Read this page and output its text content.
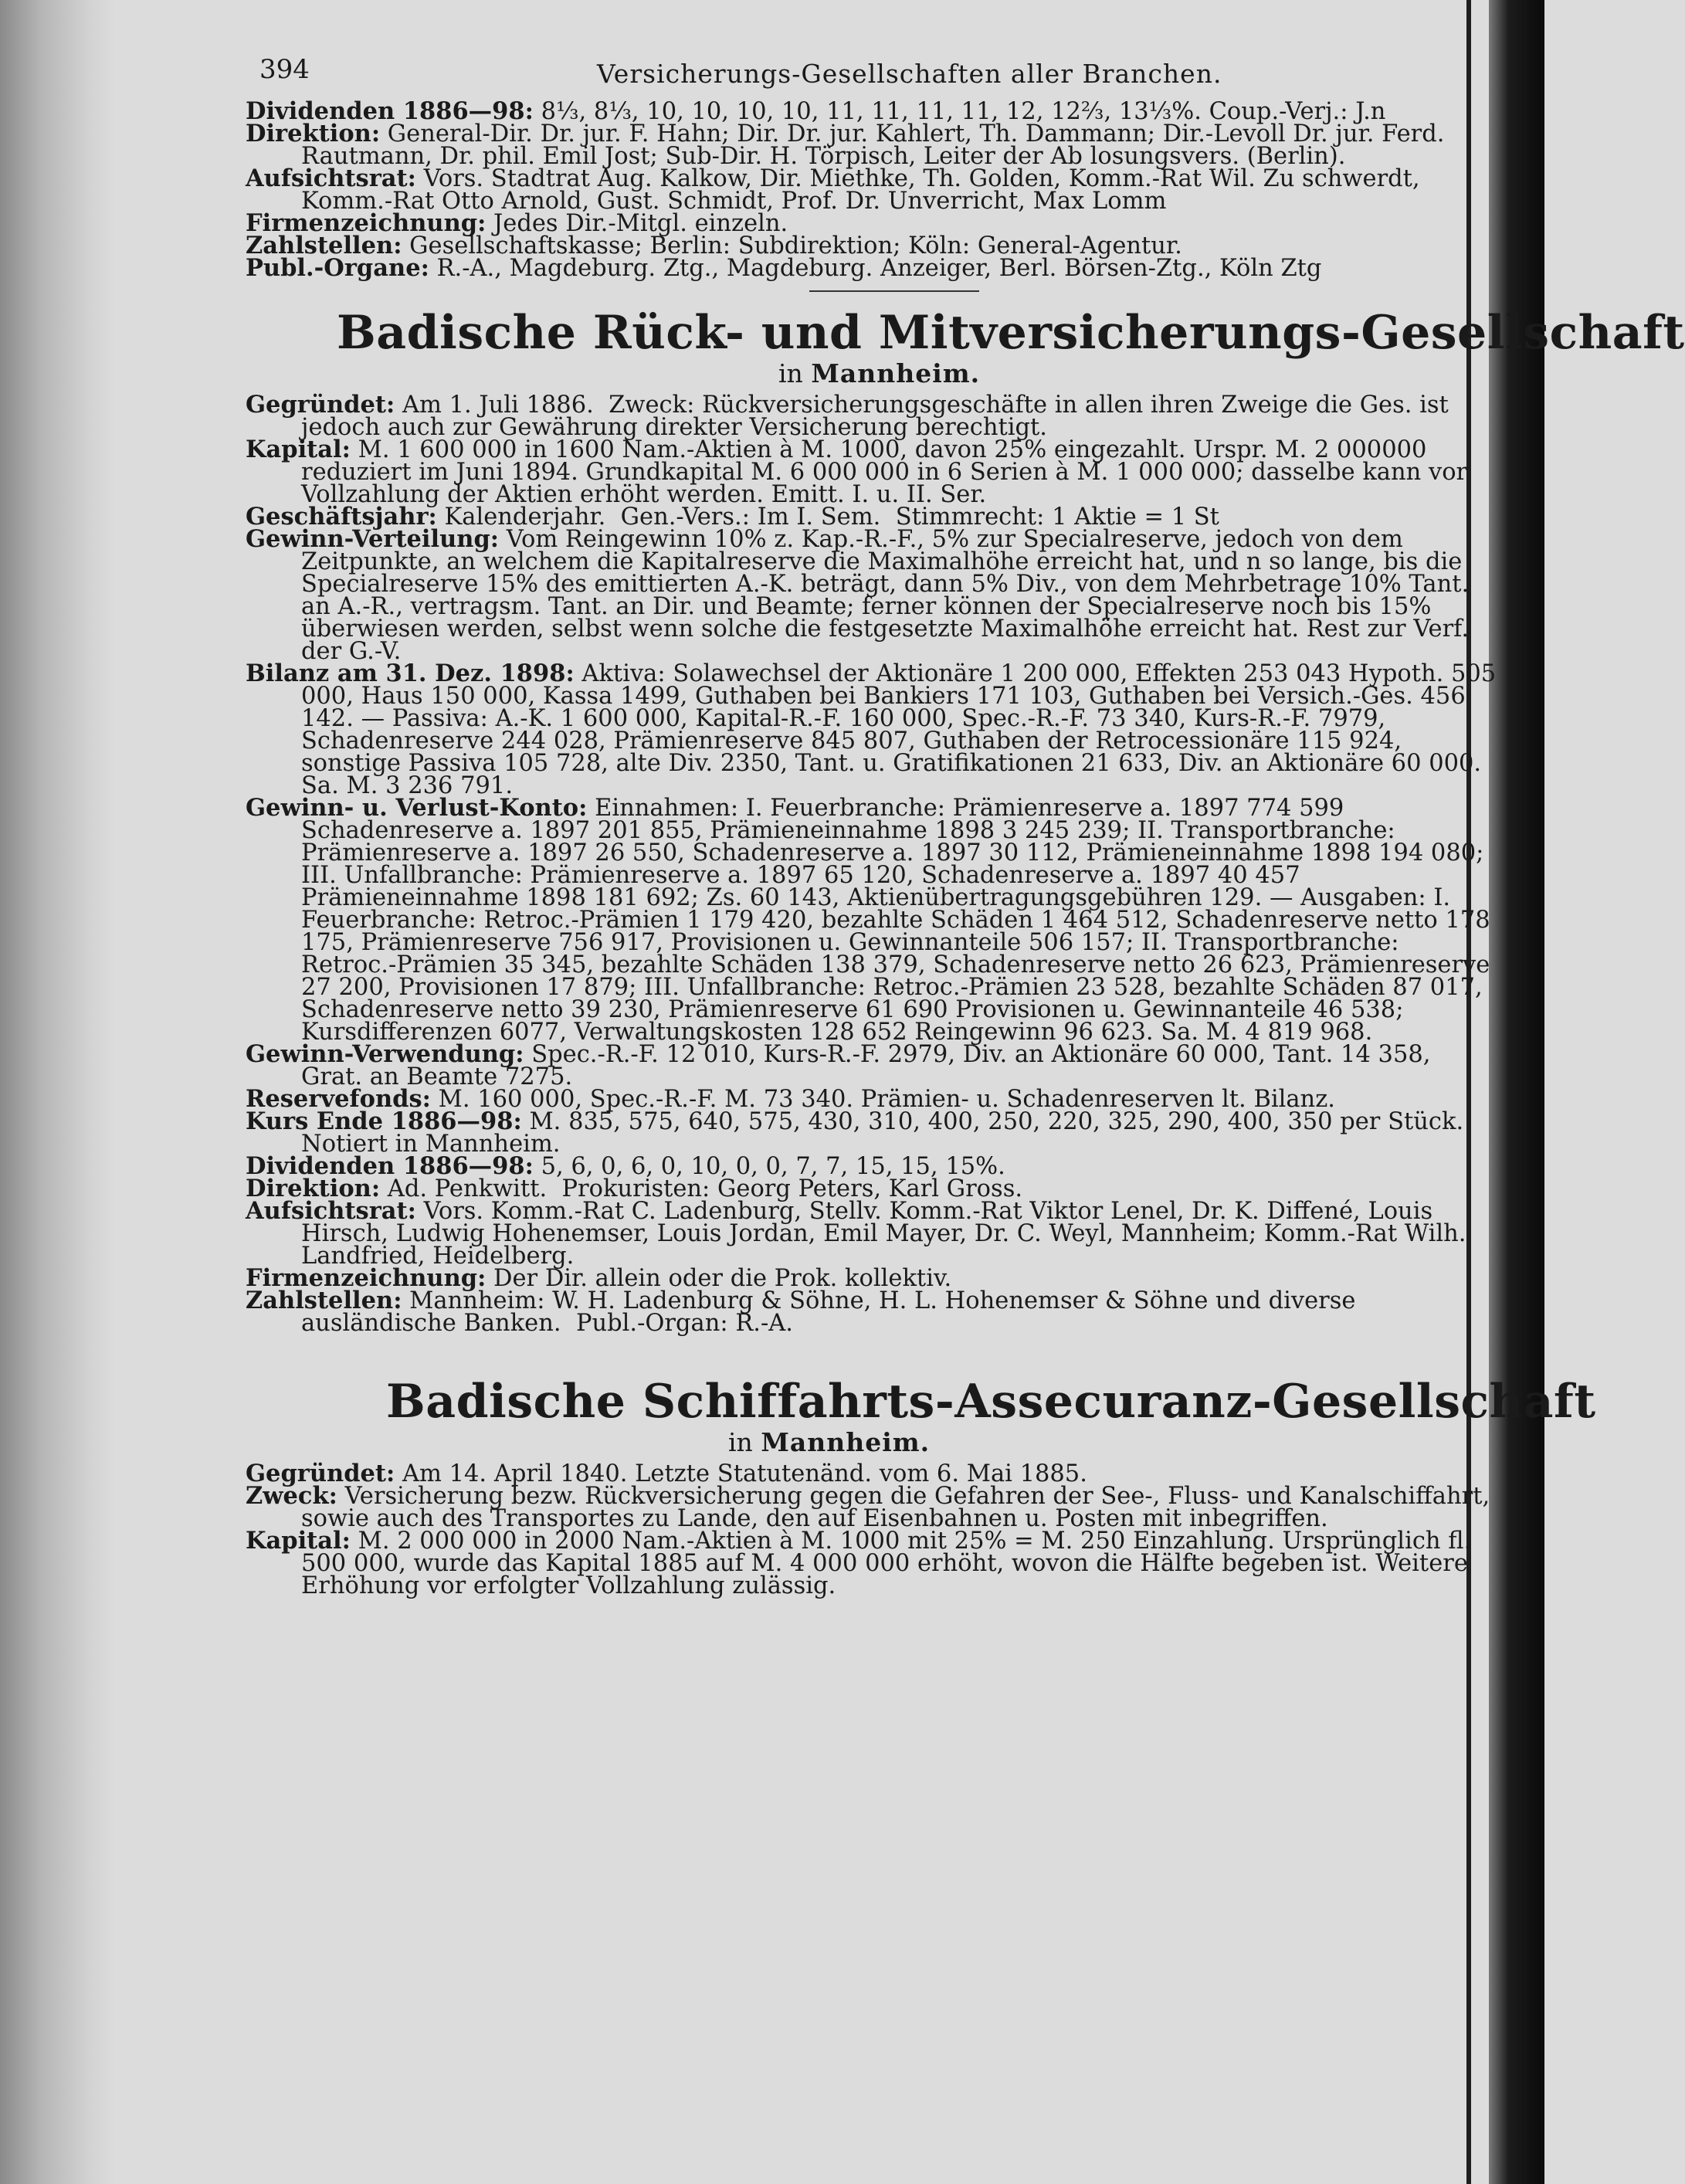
394	Versicherungs-Gesellschaften aller Branchen.

Dividenden 1886—98: 8⅓, 8⅓, 10, 10, 10, 10, 11, 11, 11, 11, 12, 12⅔, 13⅓%. Coup.-Verj.: J.n

Direktion: General-Dir. Dr. jur. F. Hahn; Dir. Dr. jur. Kahlert, Th. Dammann; Dir.-Levoll Dr. jur. Ferd. Rautmann, Dr. phil. Emil Jost; Sub-Dir. H. Törpisch, Leiter der Ab losungsvers. (Berlin).

Aufsichtsrat: Vors. Stadtrat Aug. Kalkow, Dir. Miethke, Th. Golden, Komm.-Rat Wil. Zu schwerdt, Komm.-Rat Otto Arnold, Gust. Schmidt, Prof. Dr. Unverricht, Max Lomm

Firmenzeichnung: Jedes Dir.-Mitgl. einzeln.

Zahlstellen: Gesellschaftskasse; Berlin: Subdirektion; Köln: General-Agentur.

Publ.-Organe: R.-A., Magdeburg. Ztg., Magdeburg. Anzeiger, Berl. Börsen-Ztg., Köln Ztg

Badische Rück- und Mitversicherungs-Gesellschaft
in Mannheim.

Gegründet: Am 1. Juli 1886.  Zweck: Rückversicherungsgeschäfte in allen ihren Zweige die Ges. ist jedoch auch zur Gewährung direkter Versicherung berechtigt.

Kapital: M. 1 600 000 in 1600 Nam.-Aktien à M. 1000, davon 25% eingezahlt. Urspr. M. 2 000000 reduziert im Juni 1894. Grundkapital M. 6 000 000 in 6 Serien à M. 1 000 000; dasselbe kann vor Vollzahlung der Aktien erhöht werden. Emitt. I. u. II. Ser.

Geschäftsjahr: Kalenderjahr.  Gen.-Vers.: Im I. Sem.  Stimmrecht: 1 Aktie = 1 St

Gewinn-Verteilung: Vom Reingewinn 10% z. Kap.-R.-F., 5% zur Specialreserve, jedoch von dem Zeitpunkte, an welchem die Kapitalreserve die Maximalhöhe erreicht hat, und n so lange, bis die Specialreserve 15% des emittierten A.-K. beträgt, dann 5% Div., von dem Mehrbetrage 10% Tant. an A.-R., vertragsm. Tant. an Dir. und Beamte; ferner können der Specialreserve noch bis 15% überwiesen werden, selbst wenn solche die festgesetzte Maximalhöhe erreicht hat. Rest zur Verf. der G.-V.

Bilanz am 31. Dez. 1898: Aktiva: Solawechsel der Aktionäre 1 200 000, Effekten 253 043 Hypoth. 505 000, Haus 150 000, Kassa 1499, Guthaben bei Bankiers 171 103, Guthaben bei Versich.-Ges. 456 142. — Passiva: A.-K. 1 600 000, Kapital-R.-F. 160 000, Spec.-R.-F. 73 340, Kurs-R.-F. 7979, Schadenreserve 244 028, Prämienreserve 845 807, Guthaben der Retrocessionäre 115 924, sonstige Passiva 105 728, alte Div. 2350, Tant. u. Gratifikationen 21 633, Div. an Aktionäre 60 000. Sa. M. 3 236 791.

Gewinn- u. Verlust-Konto: Einnahmen: I. Feuerbranche: Prämienreserve a. 1897 774 599 Schadenreserve a. 1897 201 855, Prämieneinnahme 1898 3 245 239; II. Transportbranche: Prämienreserve a. 1897 26 550, Schadenreserve a. 1897 30 112, Prämieneinnahme 1898 194 080; III. Unfallbranche: Prämienreserve a. 1897 65 120, Schadenreserve a. 1897 40 457 Prämieneinnahme 1898 181 692; Zs. 60 143, Aktienübertragungsgebühren 129. — Ausgaben: I. Feuerbranche: Retroc.-Prämien 1 179 420, bezahlte Schäden 1 464 512, Schadenreserve netto 178 175, Prämienreserve 756 917, Provisionen u. Gewinnanteile 506 157; II. Transportbranche: Retroc.-Prämien 35 345, bezahlte Schäden 138 379, Schadenreserve netto 26 623, Prämienreserve 27 200, Provisionen 17 879; III. Unfallbranche: Retroc.-Prämien 23 528, bezahlte Schäden 87 017, Schadenreserve netto 39 230, Prämienreserve 61 690 Provisionen u. Gewinnanteile 46 538; Kursdifferenzen 6077, Verwaltungskosten 128 652 Reingewinn 96 623. Sa. M. 4 819 968.

Gewinn-Verwendung: Spec.-R.-F. 12 010, Kurs-R.-F. 2979, Div. an Aktionäre 60 000, Tant. 14 358, Grat. an Beamte 7275.

Reservefonds: M. 160 000, Spec.-R.-F. M. 73 340. Prämien- u. Schadenreserven lt. Bilanz.

Kurs Ende 1886—98: M. 835, 575, 640, 575, 430, 310, 400, 250, 220, 325, 290, 400, 350 per Stück. Notiert in Mannheim.

Dividenden 1886—98: 5, 6, 0, 6, 0, 10, 0, 0, 7, 7, 15, 15, 15%.

Direktion: Ad. Penkwitt.  Prokuristen: Georg Peters, Karl Gross.

Aufsichtsrat: Vors. Komm.-Rat C. Ladenburg, Stellv. Komm.-Rat Viktor Lenel, Dr. K. Diffené, Louis Hirsch, Ludwig Hohenemser, Louis Jordan, Emil Mayer, Dr. C. Weyl, Mannheim; Komm.-Rat Wilh. Landfried, Heidelberg.

Firmenzeichnung: Der Dir. allein oder die Prok. kollektiv.

Zahlstellen: Mannheim: W. H. Ladenburg & Söhne, H. L. Hohenemser & Söhne und diverse ausländische Banken.  Publ.-Organ: R.-A.

Badische Schiffahrts-Assecuranz-Gesellschaft
in Mannheim.

Gegründet: Am 14. April 1840. Letzte Statutenänd. vom 6. Mai 1885.

Zweck: Versicherung bezw. Rückversicherung gegen die Gefahren der See-, Fluss- und Kanalschiffahrt, sowie auch des Transportes zu Lande, den auf Eisenbahnen u. Posten mit inbegriffen.

Kapital: M. 2 000 000 in 2000 Nam.-Aktien à M. 1000 mit 25% = M. 250 Einzahlung. Ursprünglich fl. 500 000, wurde das Kapital 1885 auf M. 4 000 000 erhöht, wovon die Hälfte begeben ist. Weitere Erhöhung vor erfolgter Vollzahlung zulässig.
